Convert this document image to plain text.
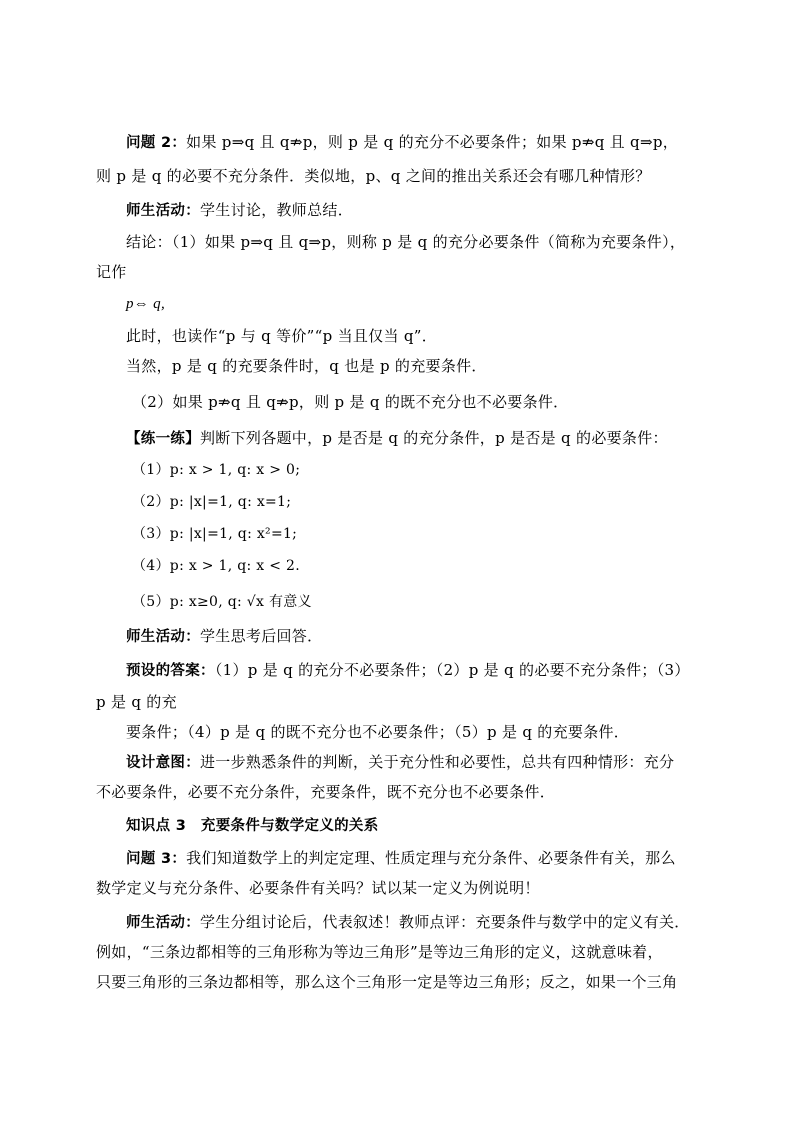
问题 2：如果 p⇒q 且 q⇏p，则 p 是 q 的充分不必要条件；如果 p⇏q 且 q⇒p，
则 p 是 q 的必要不充分条件．类似地，p、q 之间的推出关系还会有哪几种情形？
师生活动：学生讨论，教师总结．
结论：（1）如果 p⇒q 且 q⇒p，则称 p 是 q 的充分必要条件（简称为充要条件），
记作
p⇔ q,
此时，也读作“p 与 q 等价”“p 当且仅当 q”．
当然，p 是 q 的充要条件时，q 也是 p 的充要条件．
（2）如果 p⇏q 且 q⇏p，则 p 是 q 的既不充分也不必要条件．
【练一练】判断下列各题中，p 是否是 q 的充分条件，p 是否是 q 的必要条件：
（1）p: x > 1, q: x > 0;
（2）p: |x|=1, q: x=1;
（3）p: |x|=1, q: x²=1;
（4）p: x > 1, q: x < 2.
（5）p: x≥0, q: √x 有意义
师生活动：学生思考后回答．
预设的答案：（1）p 是 q 的充分不必要条件；（2）p 是 q 的必要不充分条件；（3）
p 是 q 的充
要条件；（4）p 是 q 的既不充分也不必要条件；（5）p 是 q 的充要条件．
设计意图：进一步熟悉条件的判断，关于充分性和必要性，总共有四种情形：充分
不必要条件，必要不充分条件，充要条件，既不充分也不必要条件．
知识点 3　充要条件与数学定义的关系
问题 3：我们知道数学上的判定定理、性质定理与充分条件、必要条件有关，那么
数学定义与充分条件、必要条件有关吗？试以某一定义为例说明！
师生活动：学生分组讨论后，代表叙述！教师点评：充要条件与数学中的定义有关．
例如，“三条边都相等的三角形称为等边三角形”是等边三角形的定义，这就意味着，
只要三角形的三条边都相等，那么这个三角形一定是等边三角形；反之，如果一个三角
